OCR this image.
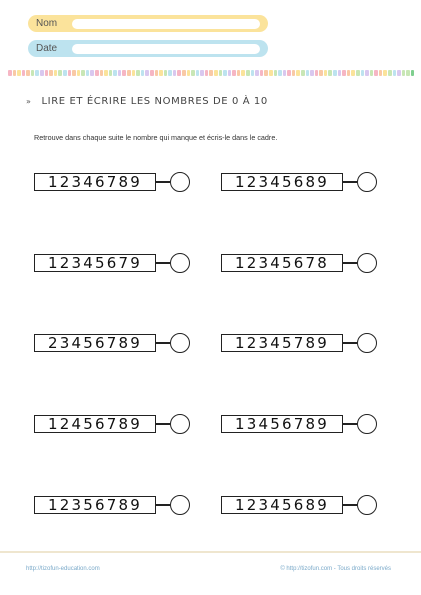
Nom
Date
» LIRE ET ÉCRIRE LES NOMBRES DE 0 À 10
Retrouve dans chaque suite le nombre qui manque et écris-le dans le cadre.
12346789
12345679
23456789
12456789
12356789
12345689
12345678
12345789
13456789
12345689
http://tizofun-education.com	© http://tizofun.com - Tous droits réservés
